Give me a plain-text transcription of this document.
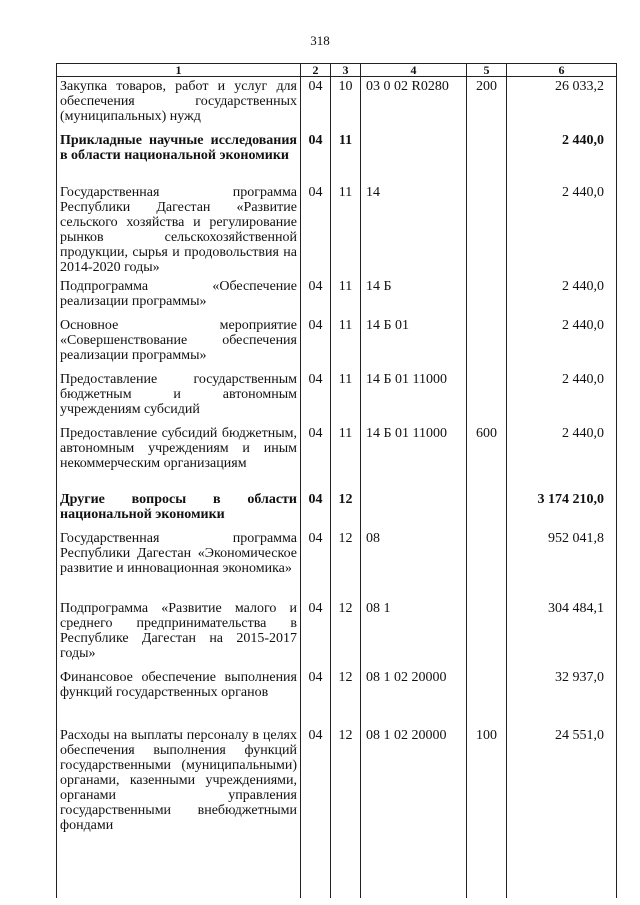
318
1	2	3	4	5	6
Закупка товаров, работ и услуг для обеспечения государственных (муниципальных) нужд	04	10	03 0 02 R0280	200	26 033,2
Прикладные научные исследования в области национальной экономики	04	11			2 440,0
Государственная программа Республики Дагестан «Развитие сельского хозяйства и регулирование рынков сельскохозяйственной продукции, сырья и продовольствия на 2014-2020 годы»	04	11	14		2 440,0
Подпрограмма «Обеспечение реализации программы»	04	11	14 Б		2 440,0
Основное мероприятие «Совершенствование обеспечения реализации программы»	04	11	14 Б 01		2 440,0
Предоставление государственным бюджетным и автономным учреждениям субсидий	04	11	14 Б 01 11000		2 440,0
Предоставление субсидий бюджетным, автономным учреждениям и иным некоммерческим организациям	04	11	14 Б 01 11000	600	2 440,0
Другие вопросы в области национальной экономики	04	12			3 174 210,0
Государственная программа Республики Дагестан «Экономическое развитие и инновационная экономика»	04	12	08		952 041,8
Подпрограмма «Развитие малого и среднего предпринимательства в Республике Дагестан на 2015-2017 годы»	04	12	08 1		304 484,1
Финансовое обеспечение выполнения функций государственных органов	04	12	08 1 02 20000		32 937,0
Расходы на выплаты персоналу в целях обеспечения выполнения функций государственными (муниципальными) органами, казенными учреждениями, органами управления государственными внебюджетными фондами	04	12	08 1 02 20000	100	24 551,0
